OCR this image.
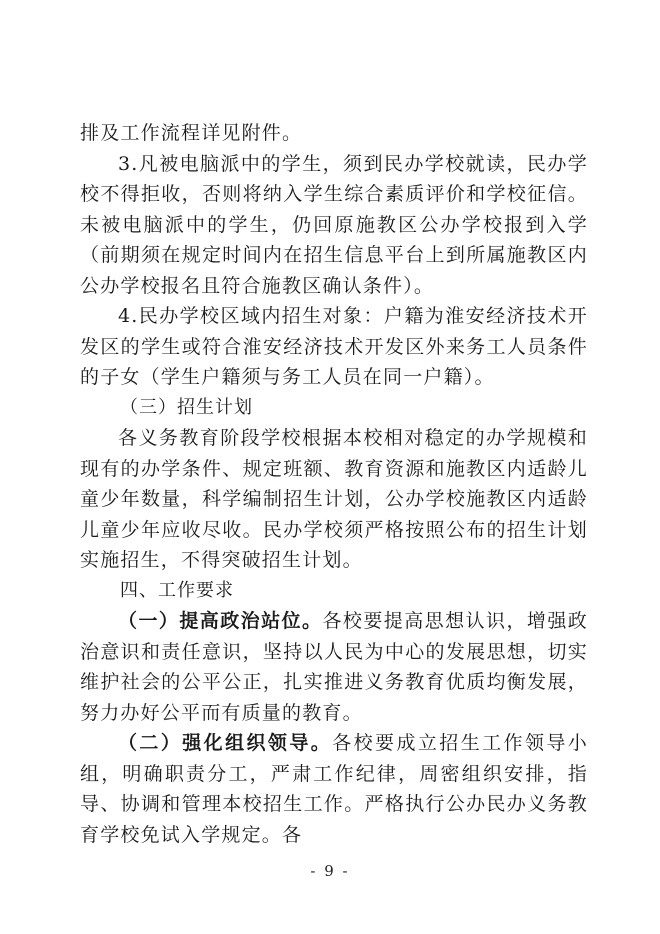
排及工作流程详见附件。

3.凡被电脑派中的学生，须到民办学校就读，民办学校不得拒收，否则将纳入学生综合素质评价和学校征信。未被电脑派中的学生，仍回原施教区公办学校报到入学（前期须在规定时间内在招生信息平台上到所属施教区内公办学校报名且符合施教区确认条件）。

4.民办学校区域内招生对象：户籍为淮安经济技术开发区的学生或符合淮安经济技术开发区外来务工人员条件的子女（学生户籍须与务工人员在同一户籍）。

（三）招生计划

各义务教育阶段学校根据本校相对稳定的办学规模和现有的办学条件、规定班额、教育资源和施教区内适龄儿童少年数量，科学编制招生计划，公办学校施教区内适龄儿童少年应收尽收。民办学校须严格按照公布的招生计划实施招生，不得突破招生计划。

四、工作要求

（一）提高政治站位。各校要提高思想认识，增强政治意识和责任意识，坚持以人民为中心的发展思想，切实维护社会的公平公正，扎实推进义务教育优质均衡发展，努力办好公平而有质量的教育。

（二）强化组织领导。各校要成立招生工作领导小组，明确职责分工，严肃工作纪律，周密组织安排，指导、协调和管理本校招生工作。严格执行公办民办义务教育学校免试入学规定。各

- 9 -
